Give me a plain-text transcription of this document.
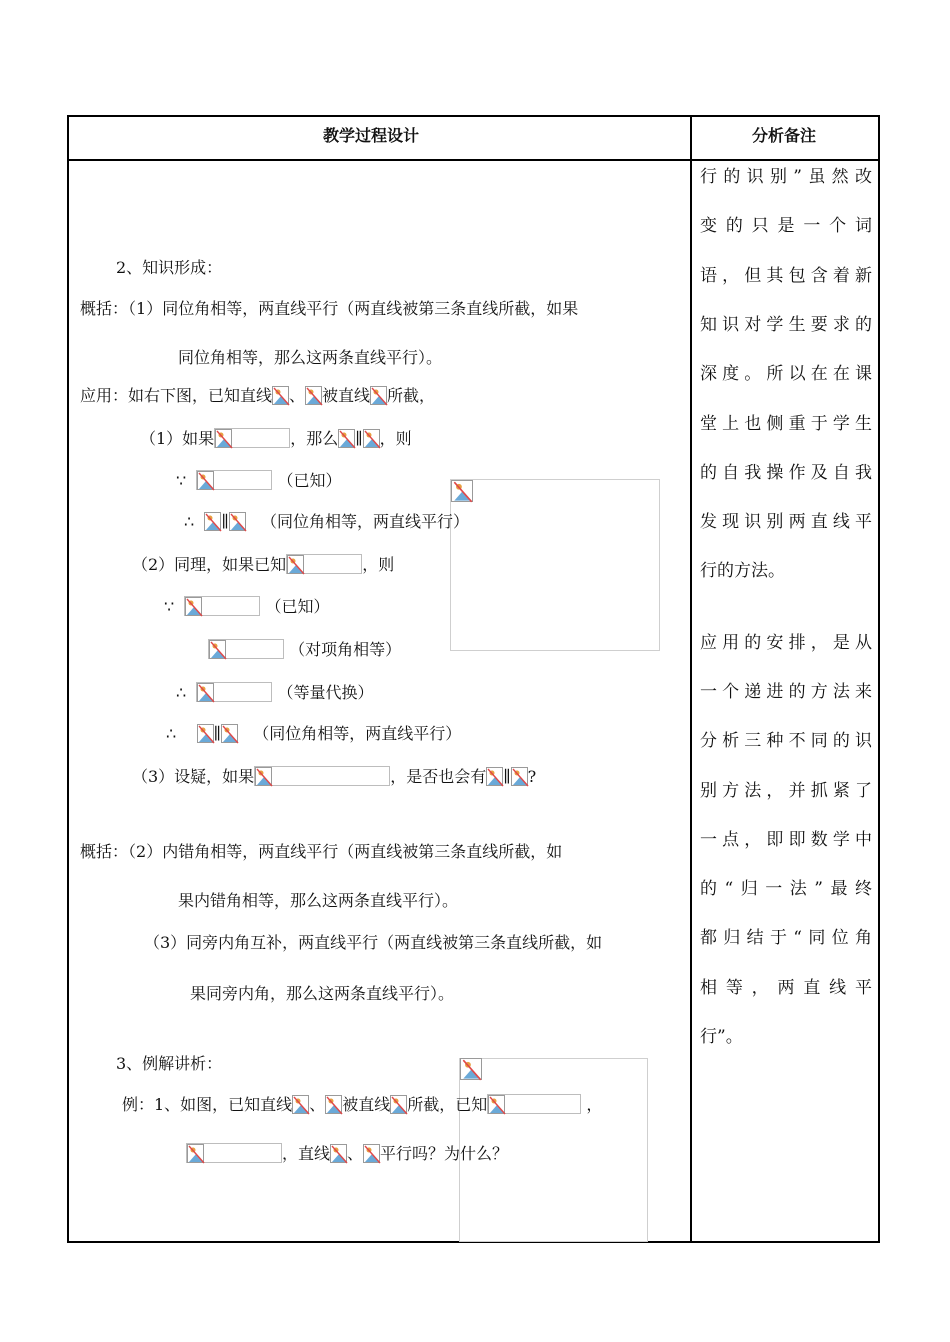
教学过程设计	分析备注
2、知识形成：
概括：（1）同位角相等，两直线平行（两直线被第三条直线所截，如果
同位角相等，那么这两条直线平行）。
应用：如右下图，已知直线 、 被直线 所截，
（1）如果	，那么 ∥ ，则
∵	（已知）
∴ ∥ （同位角相等，两直线平行）
（2）同理，如果已知	，则
∵	（已知）
（对项角相等）
∴	（等量代换）
∴ ∥ （同位角相等，两直线平行）
（3）设疑，如果	，是否也会有 ∥ ?
概括：（2）内错角相等，两直线平行（两直线被第三条直线所截，如
果内错角相等，那么这两条直线平行）。
（3）同旁内角互补，两直线平行（两直线被第三条直线所截，如
果同旁内角，那么这两条直线平行）。
3、例解讲析：
例：1、如图，已知直线 、 被直线 所截，已知	，
，直线 、 平行吗？为什么？
行的识别”虽然改
变的只是一个词
语，但其包含着新
知识对学生要求的
深度。所以在在课
堂上也侧重于学生
的自我操作及自我
发现识别两直线平
行的方法。
应用的安排，是从
一个递进的方法来
分析三种不同的识
别方法，并抓紧了
一点，即即数学中
的“归一法”最终
都归结于“同位角
相等，两直线平
行”。
